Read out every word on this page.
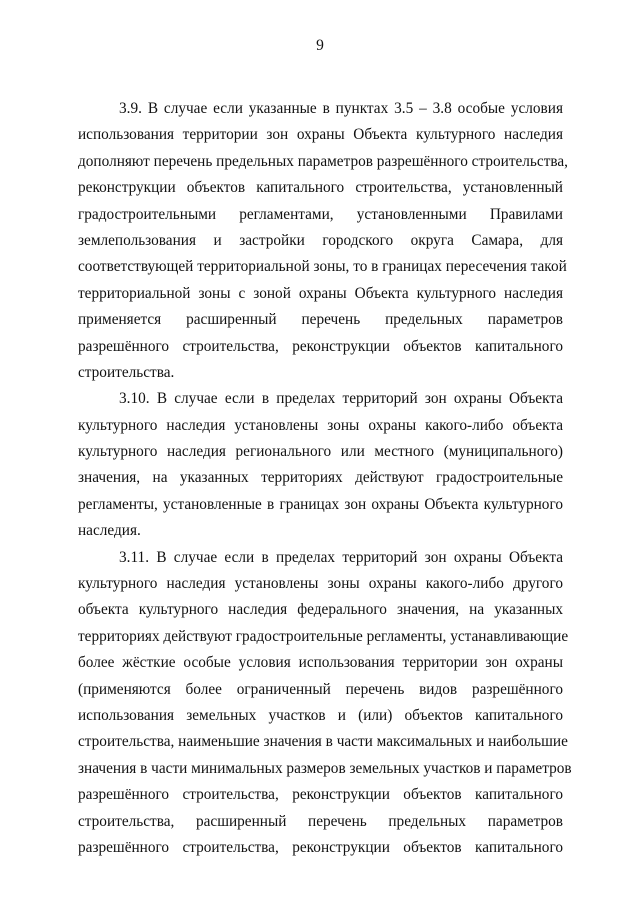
9
3.9. В случае если указанные в пунктах 3.5 – 3.8 особые условия
использования территории зон охраны Объекта культурного наследия
дополняют перечень предельных параметров разрешённого строительства,
реконструкции объектов капитального строительства, установленный
градостроительными регламентами, установленными Правилами
землепользования и застройки городского округа Самара, для
соответствующей территориальной зоны, то в границах пересечения такой
территориальной зоны с зоной охраны Объекта культурного наследия
применяется расширенный перечень предельных параметров
разрешённого строительства, реконструкции объектов капитального
строительства.
3.10. В случае если в пределах территорий зон охраны Объекта
культурного наследия установлены зоны охраны какого-либо объекта
культурного наследия регионального или местного (муниципального)
значения, на указанных территориях действуют градостроительные
регламенты, установленные в границах зон охраны Объекта культурного
наследия.
3.11. В случае если в пределах территорий зон охраны Объекта
культурного наследия установлены зоны охраны какого-либо другого
объекта культурного наследия федерального значения, на указанных
территориях действуют градостроительные регламенты, устанавливающие
более жёсткие особые условия использования территории зон охраны
(применяются более ограниченный перечень видов разрешённого
использования земельных участков и (или) объектов капитального
строительства, наименьшие значения в части максимальных и наибольшие
значения в части минимальных размеров земельных участков и параметров
разрешённого строительства, реконструкции объектов капитального
строительства, расширенный перечень предельных параметров
разрешённого строительства, реконструкции объектов капитального
